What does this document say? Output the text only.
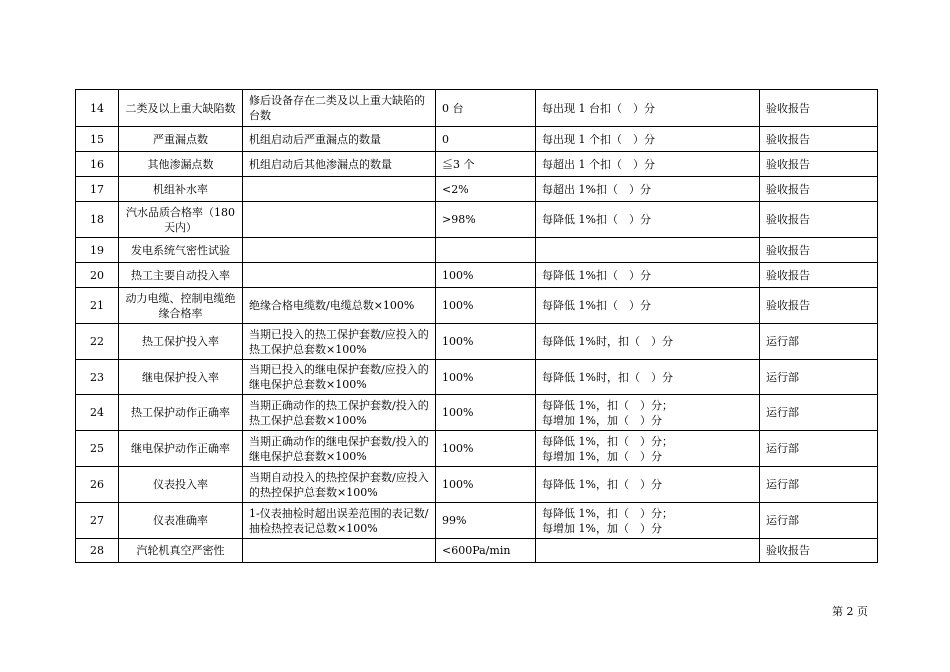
14	二类及以上重大缺陷数	修后设备存在二类及以上重大缺陷的台数	0 台	每出现 1 台扣（　）分	验收报告
15	严重漏点数	机组启动后严重漏点的数量	0	每出现 1 个扣（　）分	验收报告
16	其他渗漏点数	机组启动后其他渗漏点的数量	≦3 个	每超出 1 个扣（　）分	验收报告
17	机组补水率		<2%	每超出 1%扣（　）分	验收报告
18	汽水品质合格率（180天内）		>98%	每降低 1%扣（　）分	验收报告
19	发电系统气密性试验				验收报告
20	热工主要自动投入率		100%	每降低 1%扣（　）分	验收报告
21	动力电缆、控制电缆绝缘合格率	绝缘合格电缆数/电缆总数×100%	100%	每降低 1%扣（　）分	验收报告
22	热工保护投入率	当期已投入的热工保护套数/应投入的热工保护总套数×100%	100%	每降低 1%时，扣（　）分	运行部
23	继电保护投入率	当期已投入的继电保护套数/应投入的继电保护总套数×100%	100%	每降低 1%时，扣（　）分	运行部
24	热工保护动作正确率	当期正确动作的热工保护套数/投入的热工保护总套数×100%	100%	每降低 1%，扣（　）分；
每增加 1%，加（　）分	运行部
25	继电保护动作正确率	当期正确动作的继电保护套数/投入的继电保护总套数×100%	100%	每降低 1%，扣（　）分；
每增加 1%，加（　）分	运行部
26	仪表投入率	当期自动投入的热控保护套数/应投入的热控保护总套数×100%	100%	每降低 1%，扣（　）分	运行部
27	仪表准确率	1-仪表抽检时超出误差范围的表记数/抽检热控表记总数×100%	99%	每降低 1%，扣（　）分；
每增加 1%，加（　）分	运行部
28	汽轮机真空严密性		<600Pa/min		验收报告
第 2 页
